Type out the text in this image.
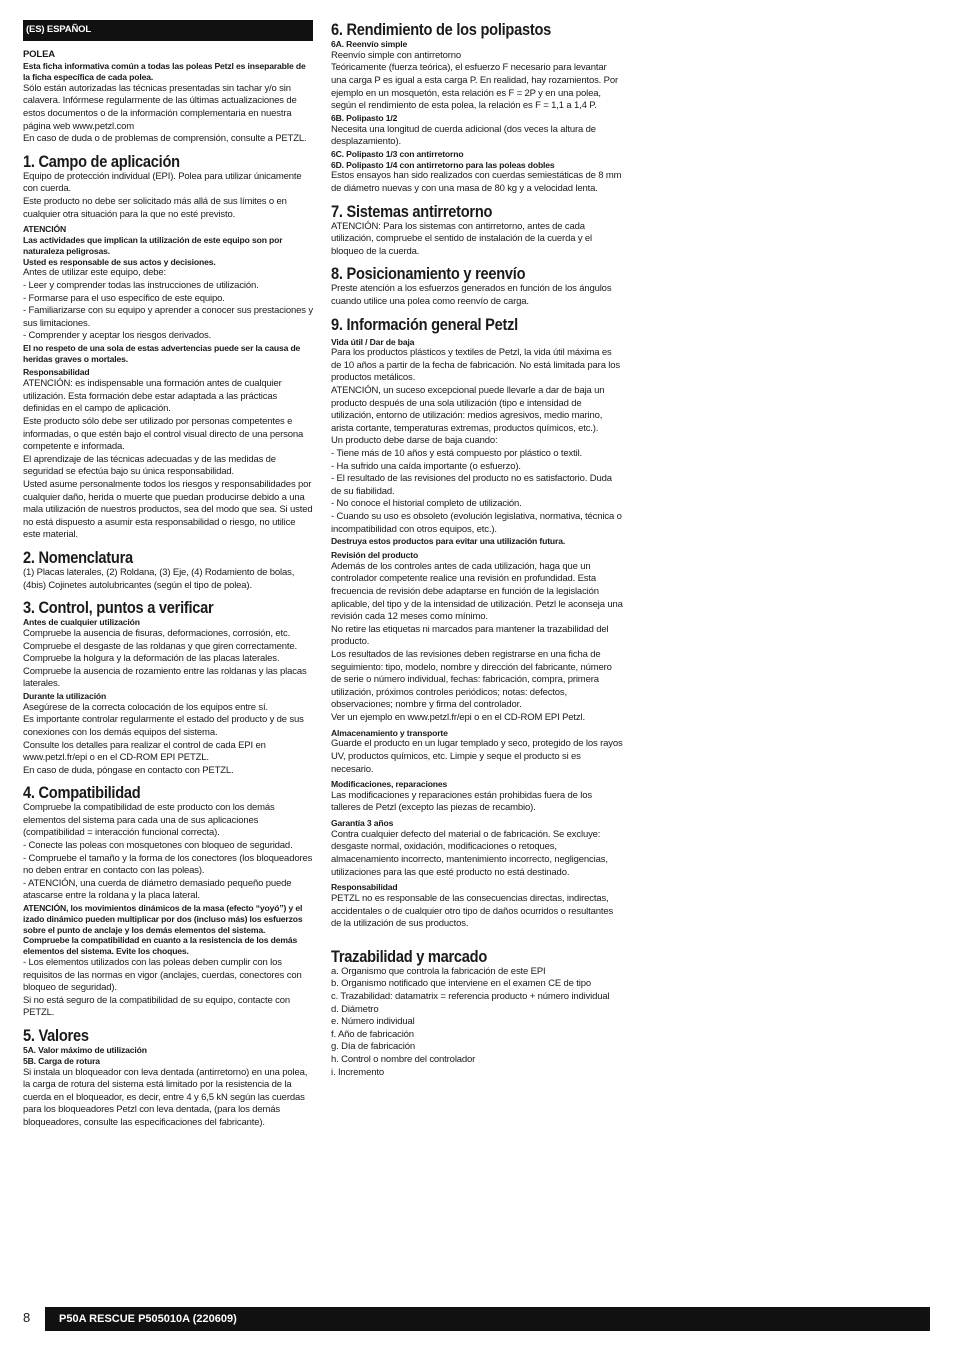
(ES) ESPAÑOL
POLEA

Esta ficha informativa común a todas las poleas Petzl es inseparable de la ficha específica de cada polea.

Sólo están autorizadas las técnicas presentadas sin tachar y/o sin calavera. Infórmese regularmente de las últimas actualizaciones de estos documentos o de la información complementaria en nuestra página web www.petzl.com

En caso de duda o de problemas de comprensión, consulte a PETZL.

1. Campo de aplicación

Equipo de protección individual (EPI). Polea para utilizar únicamente con cuerda.

Este producto no debe ser solicitado más allá de sus límites o en cualquier otra situación para la que no esté previsto.

ATENCIÓN

Las actividades que implican la utilización de este equipo son por naturaleza peligrosas.

Usted es responsable de sus actos y decisiones.

Antes de utilizar este equipo, debe:

- Leer y comprender todas las instrucciones de utilización.

- Formarse para el uso específico de este equipo.

- Familiarizarse con su equipo y aprender a conocer sus prestaciones y sus limitaciones.

- Comprender y aceptar los riesgos derivados.

El no respeto de una sola de estas advertencias puede ser la causa de heridas graves o mortales.

Responsabilidad

ATENCIÓN: es indispensable una formación antes de cualquier utilización. Esta formación debe estar adaptada a las prácticas definidas en el campo de aplicación.

Este producto sólo debe ser utilizado por personas competentes e informadas, o que estén bajo el control visual directo de una persona competente e informada.

El aprendizaje de las técnicas adecuadas y de las medidas de seguridad se efectúa bajo su única responsabilidad.

Usted asume personalmente todos los riesgos y responsabilidades por cualquier daño, herida o muerte que puedan producirse debido a una mala utilización de nuestros productos, sea del modo que sea. Si usted no está dispuesto a asumir esta responsabilidad o riesgo, no utilice este material.

2. Nomenclatura

(1) Placas laterales, (2) Roldana, (3) Eje, (4) Rodamiento de bolas, (4bis) Cojinetes autolubricantes (según el tipo de polea).

3. Control, puntos a verificar

Antes de cualquier utilización

Compruebe la ausencia de fisuras, deformaciones, corrosión, etc.

Compruebe el desgaste de las roldanas y que giren correctamente.

Compruebe la holgura y la deformación de las placas laterales.

Compruebe la ausencia de rozamiento entre las roldanas y las placas laterales.

Durante la utilización

Asegúrese de la correcta colocación de los equipos entre sí.

Es importante controlar regularmente el estado del producto y de sus conexiones con los demás equipos del sistema.

Consulte los detalles para realizar el control de cada EPI en www.petzl.fr/epi o en el CD-ROM EPI PETZL.

En caso de duda, póngase en contacto con PETZL.

4. Compatibilidad

Compruebe la compatibilidad de este producto con los demás elementos del sistema para cada una de sus aplicaciones (compatibilidad = interacción funcional correcta).

- Conecte las poleas con mosquetones con bloqueo de seguridad.

- Compruebe el tamaño y la forma de los conectores (los bloqueadores no deben entrar en contacto con las poleas).

- ATENCIÓN, una cuerda de diámetro demasiado pequeño puede atascarse entre la roldana y la placa lateral.

ATENCIÓN, los movimientos dinámicos de la masa (efecto “yoyó”) y el izado dinámico pueden multiplicar por dos (incluso más) los esfuerzos sobre el punto de anclaje y los demás elementos del sistema. Compruebe la compatibilidad en cuanto a la resistencia de los demás elementos del sistema. Evite los choques.

- Los elementos utilizados con las poleas deben cumplir con los requisitos de las normas en vigor (anclajes, cuerdas, conectores con bloqueo de seguridad).

Si no está seguro de la compatibilidad de su equipo, contacte con PETZL.

5. Valores

5A. Valor máximo de utilización

5B. Carga de rotura

Si instala un bloqueador con leva dentada (antirretorno) en una polea, la carga de rotura del sistema está limitado por la resistencia de la cuerda en el bloqueador, es decir, entre 4 y 6,5 kN según las cuerdas para los bloqueadores Petzl con leva dentada, (para los demás bloqueadores, consulte las especificaciones del fabricante).

6. Rendimiento de los polipastos

6A. Reenvío simple

Reenvío simple con antirretorno

Teóricamente (fuerza teórica), el esfuerzo F necesario para levantar una carga P es igual a esta carga P. En realidad, hay rozamientos. Por ejemplo en un mosquetón, esta relación es F = 2P y en una polea, según el rendimiento de esta polea, la relación es F = 1,1 a 1,4 P.

6B. Polipasto 1/2

Necesita una longitud de cuerda adicional (dos veces la altura de desplazamiento).

6C. Polipasto 1/3 con antirretorno

6D. Polipasto 1/4 con antirretorno para las poleas dobles

Estos ensayos han sido realizados con cuerdas semiestáticas de 8 mm de diámetro nuevas y con una masa de 80 kg y a velocidad lenta.

7. Sistemas antirretorno

ATENCIÓN: Para los sistemas con antirretorno, antes de cada utilización, compruebe el sentido de instalación de la cuerda y el bloqueo de la cuerda.

8. Posicionamiento y reenvío

Preste atención a los esfuerzos generados en función de los ángulos cuando utilice una polea como reenvío de carga.

9. Información general Petzl

Vida útil / Dar de baja

Para los productos plásticos y textiles de Petzl, la vida útil máxima es de 10 años a partir de la fecha de fabricación. No está limitada para los productos metálicos.

ATENCIÓN, un suceso excepcional puede llevarle a dar de baja un producto después de una sola utilización (tipo e intensidad de utilización, entorno de utilización: medios agresivos, medio marino, arista cortante, temperaturas extremas, productos químicos, etc.).

Un producto debe darse de baja cuando:

- Tiene más de 10 años y está compuesto por plástico o textil.

- Ha sufrido una caída importante (o esfuerzo).

- El resultado de las revisiones del producto no es satisfactorio. Duda de su fiabilidad.

- No conoce el historial completo de utilización.

- Cuando su uso es obsoleto (evolución legislativa, normativa, técnica o incompatibilidad con otros equipos, etc.).

Destruya estos productos para evitar una utilización futura.

Revisión del producto

Además de los controles antes de cada utilización, haga que un controlador competente realice una revisión en profundidad. Esta frecuencia de revisión debe adaptarse en función de la legislación aplicable, del tipo y de la intensidad de utilización. Petzl le aconseja una revisión cada 12 meses como mínimo.

No retire las etiquetas ni marcados para mantener la trazabilidad del producto.

Los resultados de las revisiones deben registrarse en una ficha de seguimiento: tipo, modelo, nombre y dirección del fabricante, número de serie o número individual, fechas: fabricación, compra, primera utilización, próximos controles periódicos; notas: defectos, observaciones; nombre y firma del controlador.

Ver un ejemplo en www.petzl.fr/epi o en el CD-ROM EPI Petzl.

Almacenamiento y transporte

Guarde el producto en un lugar templado y seco, protegido de los rayos UV, productos químicos, etc. Limpie y seque el producto si es necesario.

Modificaciones, reparaciones

Las modificaciones y reparaciones están prohibidas fuera de los talleres de Petzl (excepto las piezas de recambio).

Garantía 3 años

Contra cualquier defecto del material o de fabricación. Se excluye: desgaste normal, oxidación, modificaciones o retoques, almacenamiento incorrecto, mantenimiento incorrecto, negligencias, utilizaciones para las que esté producto no está destinado.

Responsabilidad

PETZL no es responsable de las consecuencias directas, indirectas, accidentales o de cualquier otro tipo de daños ocurridos o resultantes de la utilización de sus productos.

Trazabilidad y marcado

a. Organismo que controla la fabricación de este EPI

b. Organismo notificado que interviene en el examen CE de tipo

c. Trazabilidad: datamatrix = referencia producto + número individual

d. Diámetro

e. Número individual

f. Año de fabricación

g. Día de fabricación

h. Control o nombre del controlador

i. Incremento

8	P50A RESCUE P505010A (220609)
